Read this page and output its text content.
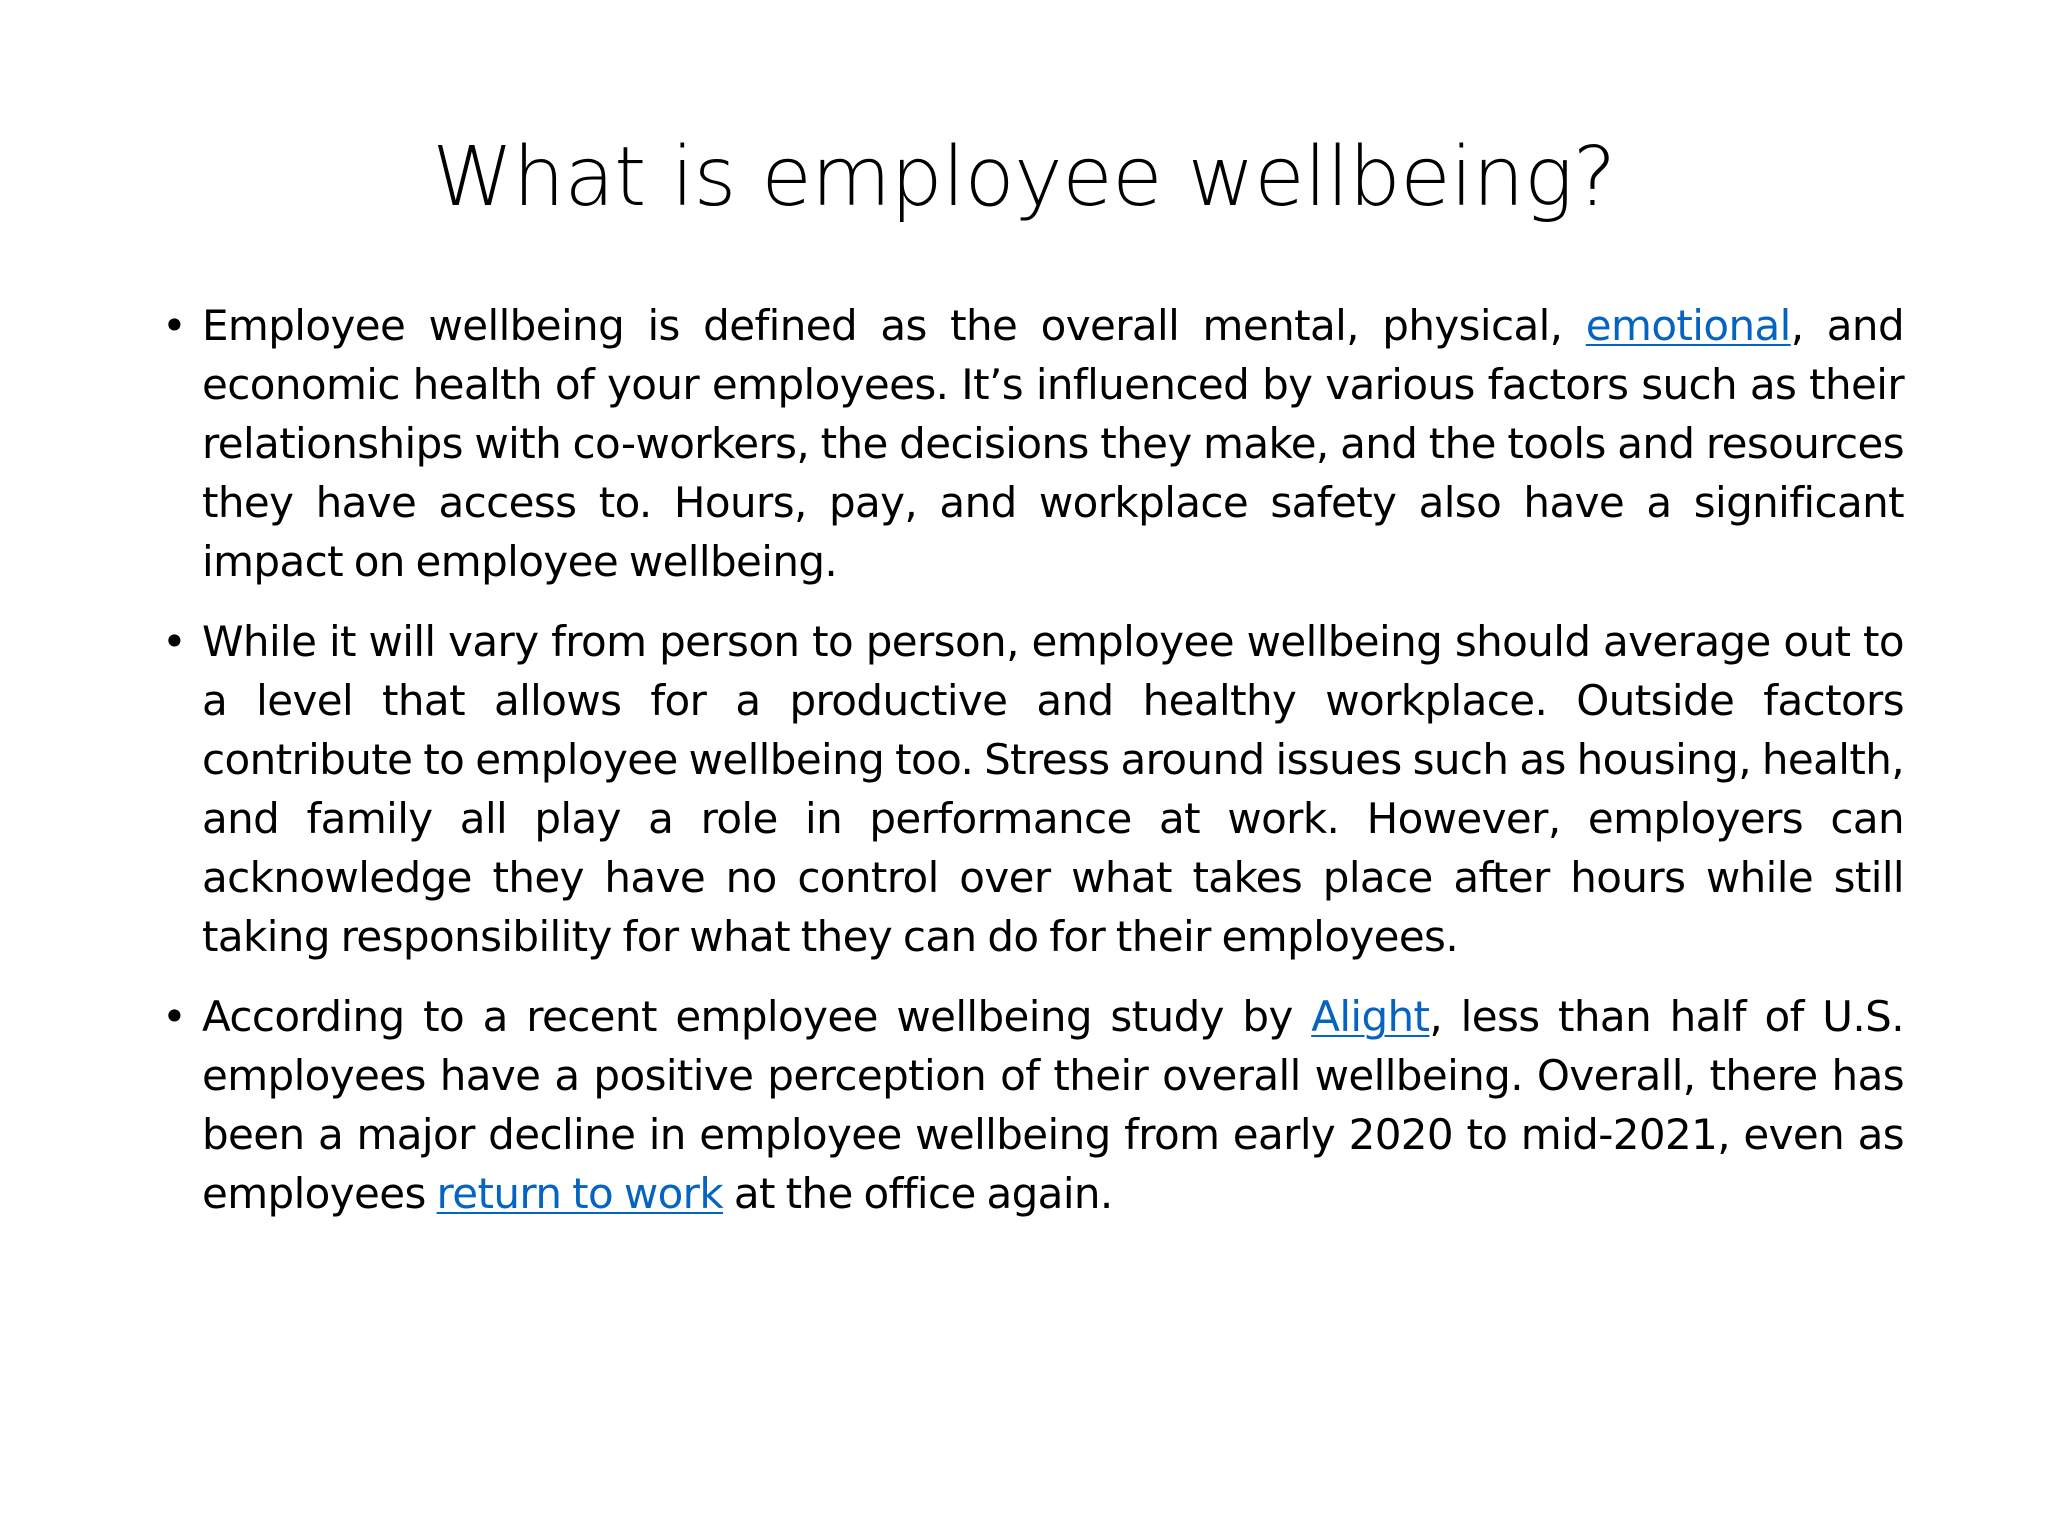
What is employee wellbeing?
• Employee wellbeing is defined as the overall mental, physical, emotional, and economic health of your employees. It’s influenced by various factors such as their relationships with co-workers, the decisions they make, and the tools and resources they have access to. Hours, pay, and workplace safety also have a significant impact on employee wellbeing.
• While it will vary from person to person, employee wellbeing should average out to a level that allows for a productive and healthy workplace. Outside factors contribute to employee wellbeing too. Stress around issues such as housing, health, and family all play a role in performance at work. However, employers can acknowledge they have no control over what takes place after hours while still taking responsibility for what they can do for their employees.
• According to a recent employee wellbeing study by Alight, less than half of U.S. employees have a positive perception of their overall wellbeing. Overall, there has been a major decline in employee wellbeing from early 2020 to mid-2021, even as employees return to work at the office again.
